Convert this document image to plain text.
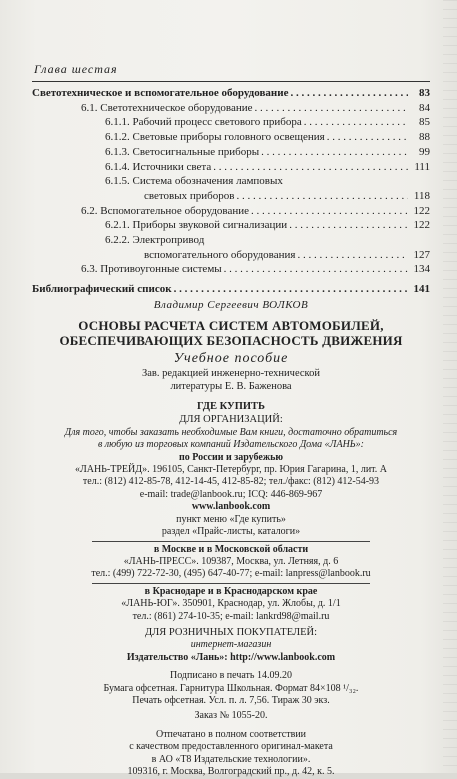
Глава шестая
Светотехническое и вспомогательное оборудование . . .	83
6.1. Светотехническое оборудование . . .	84
6.1.1. Рабочий процесс светового прибора . . .	85
6.1.2. Световые приборы головного освещения . . .	88
6.1.3. Светосигнальные приборы . . .	99
6.1.4. Источники света . . .	111
6.1.5. Система обозначения ламповых
световых приборов . . .	118
6.2. Вспомогательное оборудование . . .	122
6.2.1. Приборы звуковой сигнализации . . .	122
6.2.2. Электропривод
вспомогательного оборудования . . .	127
6.3. Противоугонные системы . . .	134
Библиографический список . . .	141
Владимир Сергеевич ВОЛКОВ
ОСНОВЫ РАСЧЕТА СИСТЕМ АВТОМОБИЛЕЙ,
ОБЕСПЕЧИВАЮЩИХ БЕЗОПАСНОСТЬ ДВИЖЕНИЯ
Учебное пособие
Зав. редакцией инженерно-технической
литературы Е. В. Баженова
ГДЕ КУПИТЬ
ДЛЯ ОРГАНИЗАЦИЙ:
Для того, чтобы заказать необходимые Вам книги, достаточно обратиться
в любую из торговых компаний Издательского Дома «ЛАНЬ»:
по России и зарубежью
«ЛАНЬ-ТРЕЙД». 196105, Санкт-Петербург, пр. Юрия Гагарина, 1, лит. А
тел.: (812) 412-85-78, 412-14-45, 412-85-82; тел./факс: (812) 412-54-93
e-mail: trade@lanbook.ru; ICQ: 446-869-967
www.lanbook.com
пункт меню «Где купить»
раздел «Прайс-листы, каталоги»
в Москве и в Московской области
«ЛАНЬ-ПРЕСС». 109387, Москва, ул. Летняя, д. 6
тел.: (499) 722-72-30, (495) 647-40-77; e-mail: lanpress@lanbook.ru
в Краснодаре и в Краснодарском крае
«ЛАНЬ-ЮГ». 350901, Краснодар, ул. Жлобы, д. 1/1
тел.: (861) 274-10-35; e-mail: lankrd98@mail.ru
ДЛЯ РОЗНИЧНЫХ ПОКУПАТЕЛЕЙ:
интернет-магазин
Издательство «Лань»: http://www.lanbook.com
Подписано в печать 14.09.20
Бумага офсетная. Гарнитура Школьная. Формат 84×108 ¹/₃₂.
Печать офсетная. Усл. п. л. 7,56. Тираж 30 экз.
Заказ № 1055-20.
Отпечатано в полном соответствии
с качеством предоставленного оригинал-макета
в АО «Т8 Издательские технологии».
109316, г. Москва, Волгоградский пр., д. 42, к. 5.
